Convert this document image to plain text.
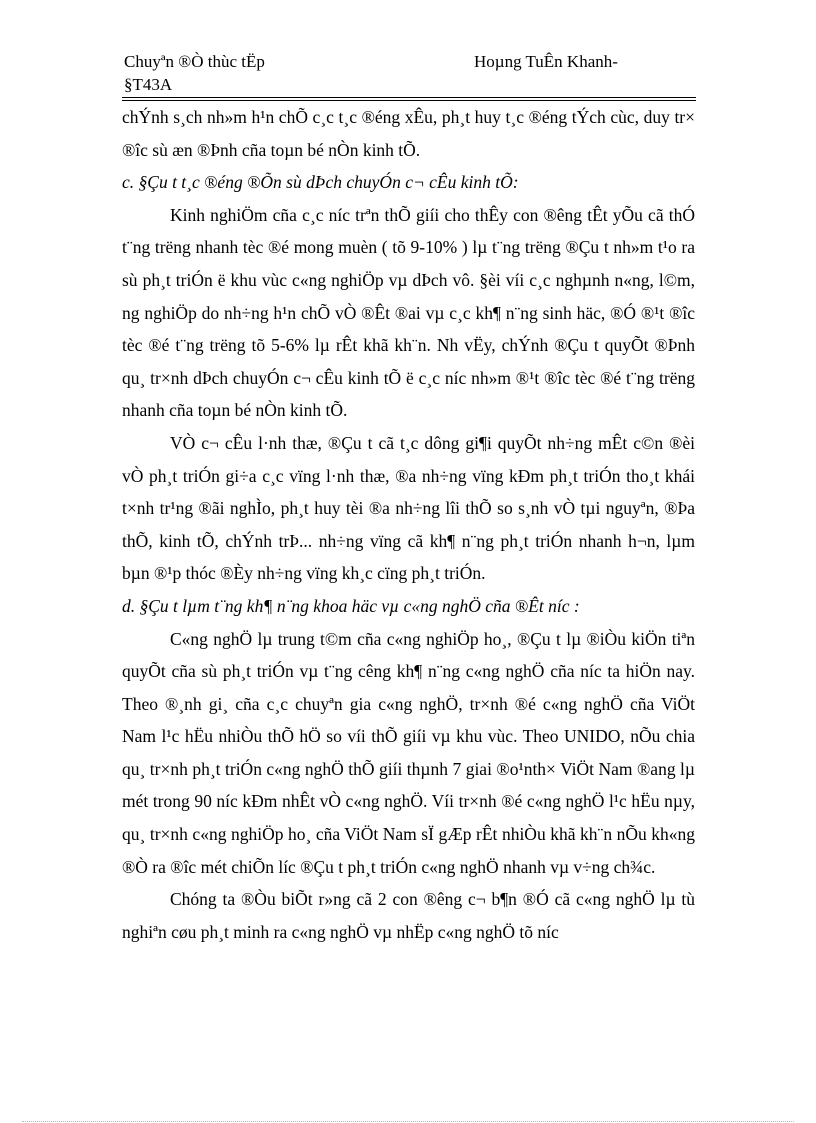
Chuyªn ®Ò thùc tËp §T43A
Hoµng TuÊn Khanh-

chÝnh s¸ch nh»m h¹n chÕ c¸c t¸c ®éng xÊu, ph¸t huy t¸c ®éng tÝch cùc, duy tr× ®îc sù æn ®Þnh cña toµn bé nÒn kinh tÕ.

c. §Çu t t¸c ®éng ®Õn sù dÞch chuyÓn c¬ cÊu kinh tÕ:

Kinh nghiÖm cña c¸c níc trªn thÕ giíi cho thÊy con ®êng tÊt yÕu cã thÓ t¨ng trëng nhanh tèc ®é mong muèn ( tõ 9-10% ) lµ t¨ng trëng ®Çu t nh»m t¹o ra sù ph¸t triÓn ë khu vùc c«ng nghiÖp vµ dÞch vô. §èi víi c¸c nghµnh n«ng, l©m, ng nghiÖp do nh÷ng h¹n chÕ vÒ ®Êt ®ai vµ c¸c kh¶ n¨ng sinh häc, ®Ó ®¹t ®îc tèc ®é t¨ng trëng tõ 5-6% lµ rÊt khã kh¨n. Nh vËy, chÝnh ®Çu t quyÕt ®Þnh qu¸ tr×nh dÞch chuyÓn c¬ cÊu kinh tÕ ë c¸c níc nh»m ®¹t ®îc tèc ®é t¨ng trëng nhanh cña toµn bé nÒn kinh tÕ.

VÒ c¬ cÊu l·nh thæ, ®Çu t cã t¸c dông gi¶i quyÕt nh÷ng mÊt c©n ®èi vÒ ph¸t triÓn gi÷a c¸c vïng l·nh thæ, ®a nh÷ng vïng kÐm ph¸t triÓn tho¸t khái t×nh tr¹ng ®ãi nghÌo, ph¸t huy tèi ®a nh÷ng lîi thÕ so s¸nh vÒ tµi nguyªn, ®Þa thÕ, kinh tÕ, chÝnh trÞ... nh÷ng vïng cã kh¶ n¨ng ph¸t triÓn nhanh h¬n, lµm bµn ®¹p thóc ®Èy nh÷ng vïng kh¸c cïng ph¸t triÓn.

d. §Çu t lµm t¨ng kh¶ n¨ng khoa häc vµ c«ng nghÖ cña ®Êt níc :

C«ng nghÖ lµ trung t©m cña c«ng nghiÖp ho¸, ®Çu t lµ ®iÒu kiÖn tiªn quyÕt cña sù ph¸t triÓn vµ t¨ng cêng kh¶ n¨ng c«ng nghÖ cña níc ta hiÖn nay. Theo ®¸nh gi¸ cña c¸c chuyªn gia c«ng nghÖ, tr×nh ®é c«ng nghÖ cña ViÖt Nam l¹c hËu nhiÒu thÕ hÖ so víi thÕ giíi vµ khu vùc. Theo UNIDO, nÕu chia qu¸ tr×nh ph¸t triÓn c«ng nghÖ thÕ giíi thµnh 7 giai ®o¹nth× ViÖt Nam ®ang lµ mét trong 90 níc kÐm nhÊt vÒ c«ng nghÖ. Víi tr×nh ®é c«ng nghÖ l¹c hËu nµy, qu¸ tr×nh c«ng nghiÖp ho¸ cña ViÖt Nam sÏ gÆp rÊt nhiÒu khã kh¨n nÕu kh«ng ®Ò ra ®îc mét chiÕn líc ®Çu t ph¸t triÓn c«ng nghÖ nhanh vµ v÷ng ch¾c.

Chóng ta ®Òu biÕt r»ng cã 2 con ®êng c¬ b¶n ®Ó cã c«ng nghÖ lµ tù nghiªn cøu ph¸t minh ra c«ng nghÖ vµ nhËp c«ng nghÖ tõ níc
